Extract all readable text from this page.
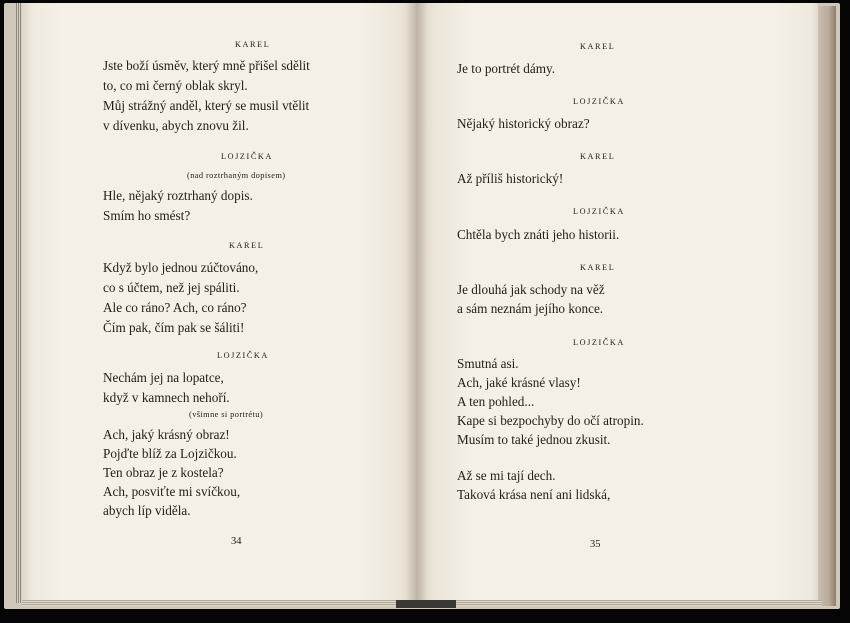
KAREL

Jste boží úsměv, který mně přišel sdělit

to, co mi černý oblak skryl.

Můj strážný anděl, který se musil vtělit

v dívenku, abych znovu žil.

LOJZIČKA

(nad roztrhaným dopisem)

Hle, nějaký roztrhaný dopis.

Smím ho smést?

KAREL

Když bylo jednou zúčtováno,

co s účtem, než jej spáliti.

Ale co ráno? Ach, co ráno?

Čím pak, čím pak se šáliti!

LOJZIČKA

Nechám jej na lopatce,

když v kamnech nehoří.

(všimne si portrétu)

Ach, jaký krásný obraz!

Pojďte blíž za Lojzičkou.

Ten obraz je z kostela?

Ach, posviťte mi svíčkou,

abych líp viděla.

34

KAREL

Je to portrét dámy.

LOJZIČKA

Nějaký historický obraz?

KAREL

Až příliš historický!

LOJZIČKA

Chtěla bych znáti jeho historii.

KAREL

Je dlouhá jak schody na věž

a sám neznám jejího konce.

LOJZIČKA

Smutná asi.

Ach, jaké krásné vlasy!

A ten pohled...

Kape si bezpochyby do očí atropin.

Musím to také jednou zkusit.

Až se mi tají dech.

Taková krása není ani lidská,

35
